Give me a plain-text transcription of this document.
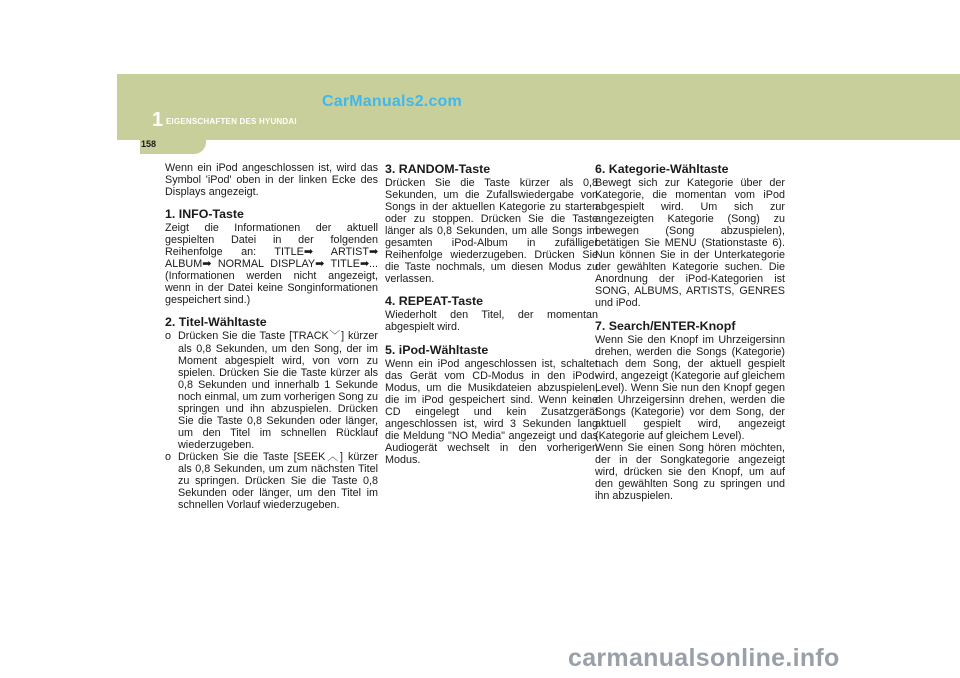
1 EIGENSCHAFTEN DES HYUNDAI
CarManuals2.com
158

Wenn ein iPod angeschlossen ist, wird das Symbol 'iPod' oben in der linken Ecke des Displays angezeigt.

1. INFO-Taste

Zeigt die Informationen der aktuell gespielten Datei in der folgenden Reihenfolge an: TITLE➡ ARTIST➡ ALBUM➡ NORMAL DISPLAY➡ TITLE➡... (Informationen werden nicht angezeigt, wenn in der Datei keine Songinformationen gespeichert sind.)

2. Titel-Wähltaste
o Drücken Sie die Taste [TRACK﹀] kürzer als 0,8 Sekunden, um den Song, der im Moment abgespielt wird, von vorn zu spielen. Drücken Sie die Taste kürzer als 0,8 Sekunden und innerhalb 1 Sekunde noch einmal, um zum vorherigen Song zu springen und ihn abzuspielen. Drücken Sie die Taste 0,8 Sekunden oder länger, um den Titel im schnellen Rücklauf wiederzugeben.
o Drücken Sie die Taste [SEEK︿] kürzer als 0,8 Sekunden, um zum nächsten Titel zu springen. Drücken Sie die Taste 0,8 Sekunden oder länger, um den Titel im schnellen Vorlauf wiederzugeben.
3. RANDOM-Taste

Drücken Sie die Taste kürzer als 0,8 Sekunden, um die Zufallswiedergabe von Songs in der aktuellen Kategorie zu starten oder zu stoppen. Drücken Sie die Taste länger als 0,8 Sekunden, um alle Songs im gesamten iPod-Album in zufälliger Reihenfolge wiederzugeben. Drücken Sie die Taste nochmals, um diesen Modus zu verlassen.

4. REPEAT-Taste

Wiederholt den Titel, der momentan abgespielt wird.

5. iPod-Wähltaste

Wenn ein iPod angeschlossen ist, schaltet das Gerät vom CD-Modus in den iPod-Modus, um die Musikdateien abzuspielen, die im iPod gespeichert sind. Wenn keine CD eingelegt und kein Zusatzgerät angeschlossen ist, wird 3 Sekunden lang die Meldung "NO Media" angezeigt und das Audiogerät wechselt in den vorherigen Modus.

6. Kategorie-Wähltaste

Bewegt sich zur Kategorie über der Kategorie, die momentan vom iPod abgespielt wird. Um sich zur angezeigten Kategorie (Song) zu bewegen (Song abzuspielen), betätigen Sie MENU (Stationstaste 6). Nun können Sie in der Unterkategorie der gewählten Kategorie suchen. Die Anordnung der iPod-Kategorien ist SONG, ALBUMS, ARTISTS, GENRES und iPod.

7. Search/ENTER-Knopf

Wenn Sie den Knopf im Uhrzeigersinn drehen, werden die Songs (Kategorie) nach dem Song, der aktuell gespielt wird, angezeigt (Kategorie auf gleichem Level). Wenn Sie nun den Knopf gegen den Uhrzeigersinn drehen, werden die Songs (Kategorie) vor dem Song, der aktuell gespielt wird, angezeigt (Kategorie auf gleichem Level).

Wenn Sie einen Song hören möchten, der in der Songkategorie angezeigt wird, drücken sie den Knopf, um auf den gewählten Song zu springen und ihn abzuspielen.

carmanualsonline.info
